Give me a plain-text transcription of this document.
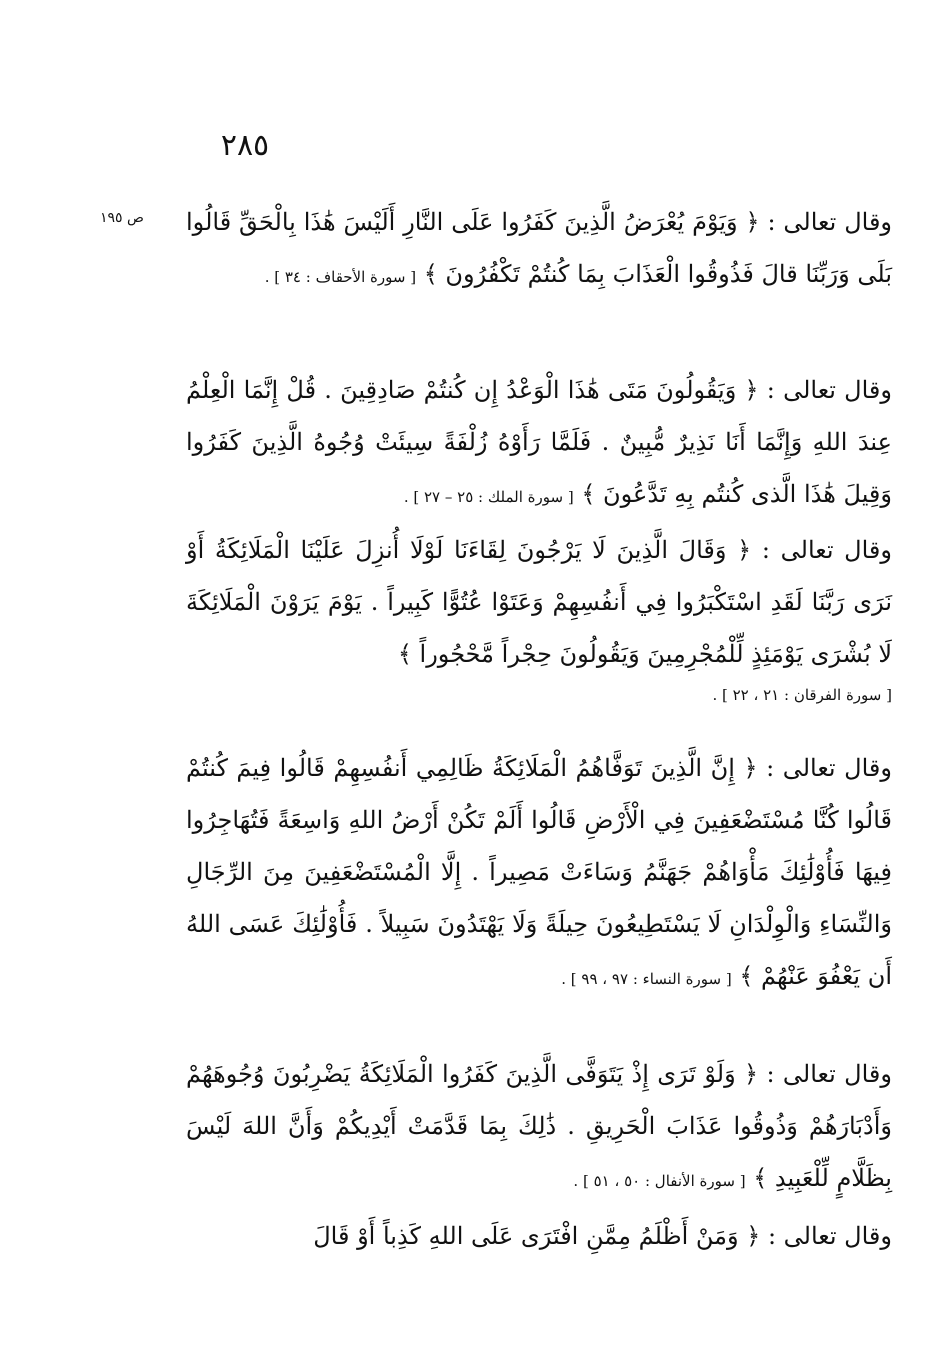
٢٨٥
ص ١٩٥	وقال تعالى : ﴿ وَيَوْمَ يُعْرَضُ الَّذِينَ كَفَرُوا عَلَى النَّارِ أَلَيْسَ هَٰذَا بِالْحَقِّ قَالُوا بَلَى وَرَبِّنَا قالَ فَذُوقُوا الْعَذَابَ بِمَا كُنتُمْ تَكْفُرُونَ ﴾ [ سورة الأحقاف : ٣٤ ] .

وقال تعالى : ﴿ وَيَقُولُونَ مَتَى هَٰذَا الْوَعْدُ إِن كُنتُمْ صَادِقِينَ . قُلْ إِنَّمَا الْعِلْمُ عِندَ اللهِ وَإِنَّمَا أَنَا نَذِيرٌ مُّبِينٌ . فَلَمَّا رَأَوْهُ زُلْفَةً سِيئَتْ وُجُوهُ الَّذِينَ كَفَرُوا وَقِيلَ هَٰذَا الَّذى كُنتُم بِهِ تَدَّعُونَ ﴾ [ سورة الملك : ٢٥ – ٢٧ ] .

وقال تعالى : ﴿ وَقَالَ الَّذِينَ لَا يَرْجُونَ لِقَاءَنَا لَوْلَا أُنزِلَ عَلَيْنَا الْمَلَائِكَةُ أَوْ نَرَى رَبَّنَا لَقَدِ اسْتَكْبَرُوا فِي أَنفُسِهِمْ وَعَتَوْا عُتُوًّا كَبِيراً . يَوْمَ يَرَوْنَ الْمَلَائِكَةَ لَا بُشْرَى يَوْمَئِذٍ لِّلْمُجْرِمِينَ وَيَقُولُونَ حِجْراً مَّحْجُوراً ﴾

[ سورة الفرقان : ٢١ ، ٢٢ ] .

وقال تعالى : ﴿ إِنَّ الَّذِينَ تَوَفَّاهُمُ الْمَلَائِكَةُ ظَالِمِي أَنفُسِهِمْ قَالُوا فِيمَ كُنتُمْ قَالُوا كُنَّا مُسْتَضْعَفِينَ فِي الْأَرْضِ قَالُوا أَلَمْ تَكُنْ أَرْضُ اللهِ وَاسِعَةً فَتُهَاجِرُوا فِيهَا فَأُوْلَٰئِكَ مَأْوَاهُمْ جَهَنَّمُ وَسَاءَتْ مَصِيراً . إِلَّا الْمُسْتَضْعَفِينَ مِنَ الرِّجَالِ وَالنِّسَاءِ وَالْوِلْدَانِ لَا يَسْتَطِيعُونَ حِيلَةً وَلَا يَهْتَدُونَ سَبِيلاً . فَأُوْلَٰئِكَ عَسَى اللهُ أَن يَعْفُوَ عَنْهُمْ ﴾ [ سورة النساء : ٩٧ ، ٩٩ ] .

وقال تعالى : ﴿ وَلَوْ تَرَى إِذْ يَتَوَفَّى الَّذِينَ كَفَرُوا الْمَلَائِكَةُ يَضْرِبُونَ وُجُوهَهُمْ وَأَدْبَارَهُمْ وَذُوقُوا عَذَابَ الْحَرِيقِ . ذَٰلِكَ بِمَا قَدَّمَتْ أَيْدِيكُمْ وَأَنَّ اللهَ لَيْسَ بِظَلَّامٍ لِّلْعَبِيدِ ﴾ [ سورة الأنفال : ٥٠ ، ٥١ ] .

وقال تعالى : ﴿ وَمَنْ أَظْلَمُ مِمَّنِ افْتَرَى عَلَى اللهِ كَذِباً أَوْ قَالَ
